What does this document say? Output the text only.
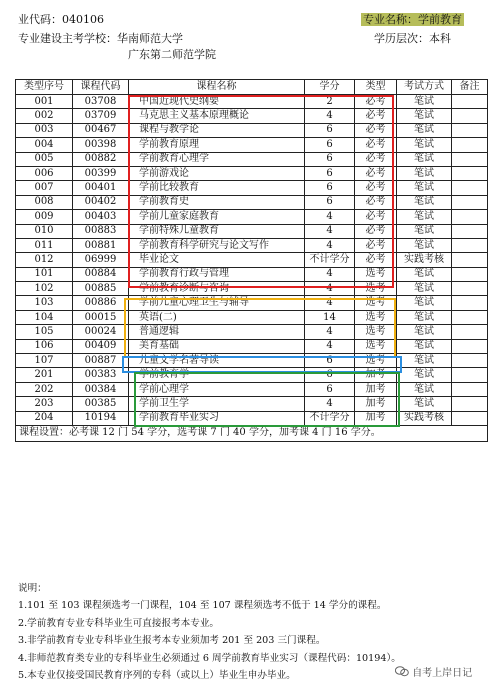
业代码：040106	专业名称：学前教育
专业建设主考学校：华南师范大学	学历层次：本科
广东第二师范学院
类型序号	课程代码	课程名称	学分	类型	考试方式	备注
001	03708	中国近现代史纲要	2	必考	笔试	
002	03709	马克思主义基本原理概论	4	必考	笔试	
003	00467	课程与教学论	6	必考	笔试	
004	00398	学前教育原理	6	必考	笔试	
005	00882	学前教育心理学	6	必考	笔试	
006	00399	学前游戏论	6	必考	笔试	
007	00401	学前比较教育	6	必考	笔试	
008	00402	学前教育史	6	必考	笔试	
009	00403	学前儿童家庭教育	4	必考	笔试	
010	00883	学前特殊儿童教育	4	必考	笔试	
011	00881	学前教育科学研究与论文写作	4	必考	笔试	
012	06999	毕业论文	不计学分	必考	实践考核	
101	00884	学前教育行政与管理	4	选考	笔试	
102	00885	学前教育诊断与咨询	4	选考	笔试	
103	00886	学前儿童心理卫生与辅导	4	选考	笔试	
104	00015	英语(二)	14	选考	笔试	
105	00024	普通逻辑	4	选考	笔试	
106	00409	美育基础	4	选考	笔试	
107	00887	儿童文学名著导读	6	选考	笔试	
201	00383	学前教育学	6	加考	笔试	
202	00384	学前心理学	6	加考	笔试	
203	00385	学前卫生学	4	加考	笔试	
204	10194	学前教育毕业实习	不计学分	加考	实践考核	
课程设置：必考课 12 门 54 学分，选考课 7 门 40 学分，加考课 4 门 16 学分。						
说明：
1.101 至 103 课程须选考一门课程，104 至 107 课程须选考不低于 14 学分的课程。
2.学前教育专业专科毕业生可直接报考本专业。
3.非学前教育专业专科毕业生报考本专业须加考 201 至 203 三门课程。
4.非师范教育类专业的专科毕业生必须通过 6 周学前教育毕业实习（课程代码：10194）。
5.本专业仅接受国民教育序列的专科（或以上）毕业生申办毕业。	自考上岸日记
